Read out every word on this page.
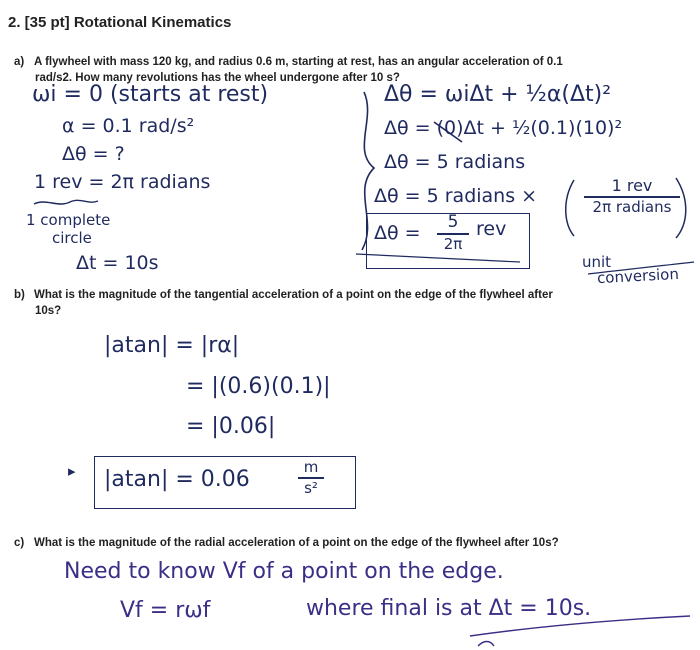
2. [35 pt] Rotational Kinematics
a) A flywheel with mass 120 kg, and radius 0.6 m, starting at rest, has an angular acceleration of 0.1
rad/s2. How many revolutions has the wheel undergone after 10 s?
ωi = 0 (starts at rest)
α = 0.1 rad/s²
Δθ = ?
1 rev = 2π radians
1 complete
circle
Δt = 10s
Δθ = ωiΔt + ½α(Δt)²
Δθ = (0)Δt + ½(0.1)(10)²
Δθ = 5 radians
Δθ = 5 radians ×	1 rev
2π radians
Δθ = 5
2π
rev
unit
conversion
b) What is the magnitude of the tangential acceleration of a point on the edge of the flywheel after
10s?
|atan| = |rα|
= |(0.6)(0.1)|
= |0.06|
|atan| = 0.06	m
s²
▸
c) What is the magnitude of the radial acceleration of a point on the edge of the flywheel after 10s?
Need to know Vf of a point on the edge.
Vf = rωf	where final is at Δt = 10s.
